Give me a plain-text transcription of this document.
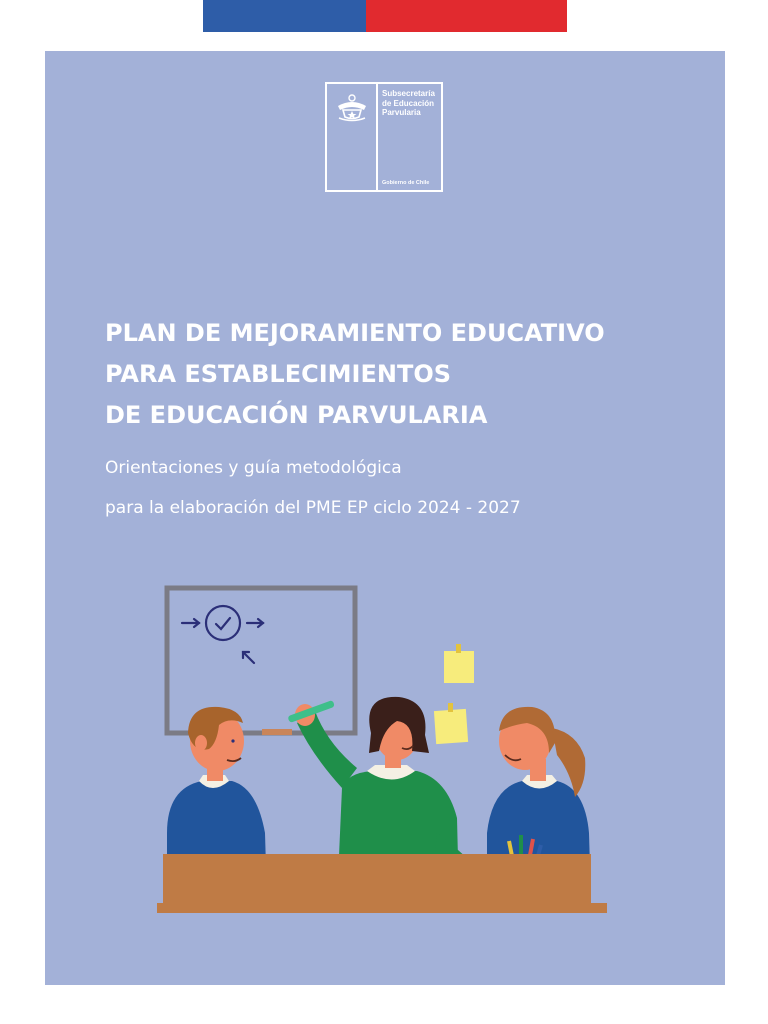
Subsecretaría
de Educación
Parvularia
Gobierno de Chile
PLAN DE MEJORAMIENTO EDUCATIVO
PARA ESTABLECIMIENTOS
DE EDUCACIÓN PARVULARIA

Orientaciones y guía metodológica
para la elaboración del PME EP ciclo 2024 - 2027
